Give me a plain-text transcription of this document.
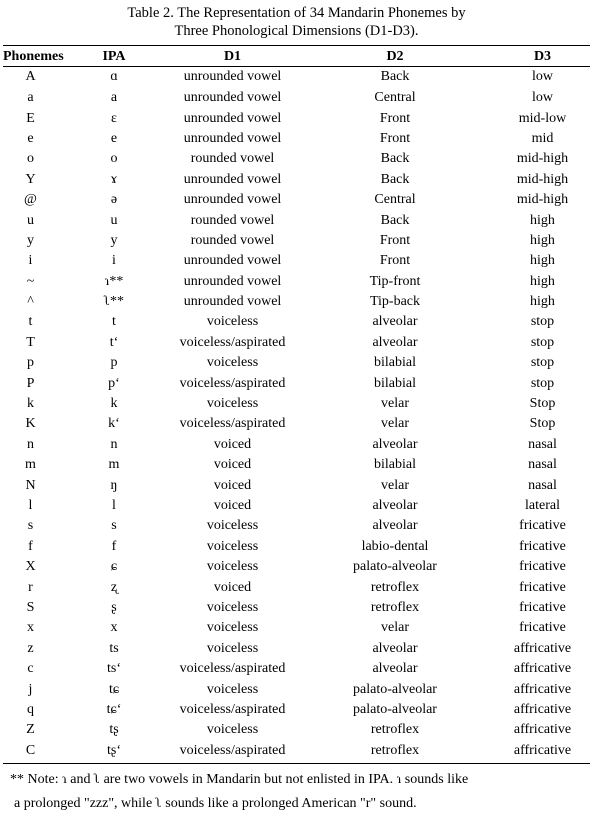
Table 2. The Representation of 34 Mandarin Phonemes by
Three Phonological Dimensions (D1-D3).
Phonemes	IPA	D1	D2	D3
A	ɑ	unrounded vowel	Back	low
a	a	unrounded vowel	Central	low
E	ɛ	unrounded vowel	Front	mid-low
e	e	unrounded vowel	Front	mid
o	o	rounded vowel	Back	mid-high
Y	ɤ	unrounded vowel	Back	mid-high
@	ə	unrounded vowel	Central	mid-high
u	u	rounded vowel	Back	high
y	y	rounded vowel	Front	high
i	i	unrounded vowel	Front	high
~	ɿ**	unrounded vowel	Tip-front	high
^	ʅ**	unrounded vowel	Tip-back	high
t	t	voiceless	alveolar	stop
T	tʻ	voiceless/aspirated	alveolar	stop
p	p	voiceless	bilabial	stop
P	pʻ	voiceless/aspirated	bilabial	stop
k	k	voiceless	velar	Stop
K	kʻ	voiceless/aspirated	velar	Stop
n	n	voiced	alveolar	nasal
m	m	voiced	bilabial	nasal
N	ŋ	voiced	velar	nasal
l	l	voiced	alveolar	lateral
s	s	voiceless	alveolar	fricative
f	f	voiceless	labio-dental	fricative
X	ɕ	voiceless	palato-alveolar	fricative
r	ʐ	voiced	retroflex	fricative
S	ʂ	voiceless	retroflex	fricative
x	x	voiceless	velar	fricative
z	ts	voiceless	alveolar	affricative
c	tsʻ	voiceless/aspirated	alveolar	affricative
j	tɕ	voiceless	palato-alveolar	affricative
q	tɕʻ	voiceless/aspirated	palato-alveolar	affricative
Z	tʂ	voiceless	retroflex	affricative
C	tʂʻ	voiceless/aspirated	retroflex	affricative
** Note: ɿ and ʅ are two vowels in Mandarin but not enlisted in IPA. ɿ sounds like
a prolonged "zzz", while ʅ sounds like a prolonged American "r" sound.
